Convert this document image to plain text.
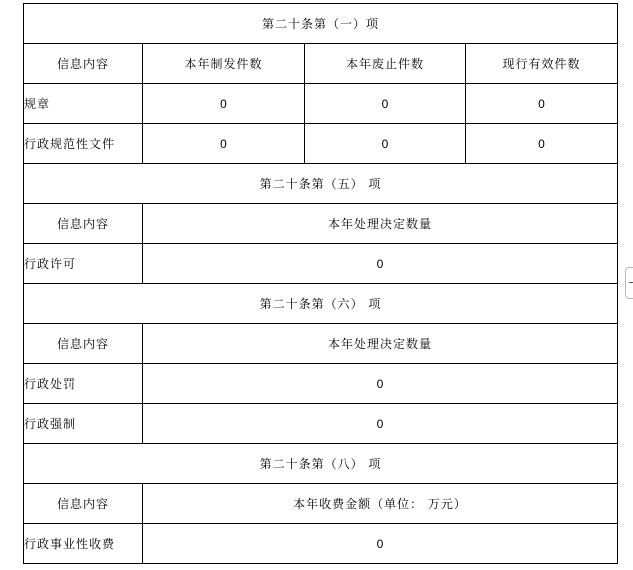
第二十条第（一）项			
信息内容	本年制发件数	本年废止件数	现行有效件数
规章	0	0	0
行政规范性文件	0	0	0
第二十条第（五） 项			
信息内容	本年处理决定数量		
行政许可	0		
第二十条第（六） 项			
信息内容	本年处理决定数量		
行政处罚	0		
行政强制	0		
第二十条第（八） 项			
信息内容	本年收费金额（单位： 万元）		
行政事业性收费	0		
